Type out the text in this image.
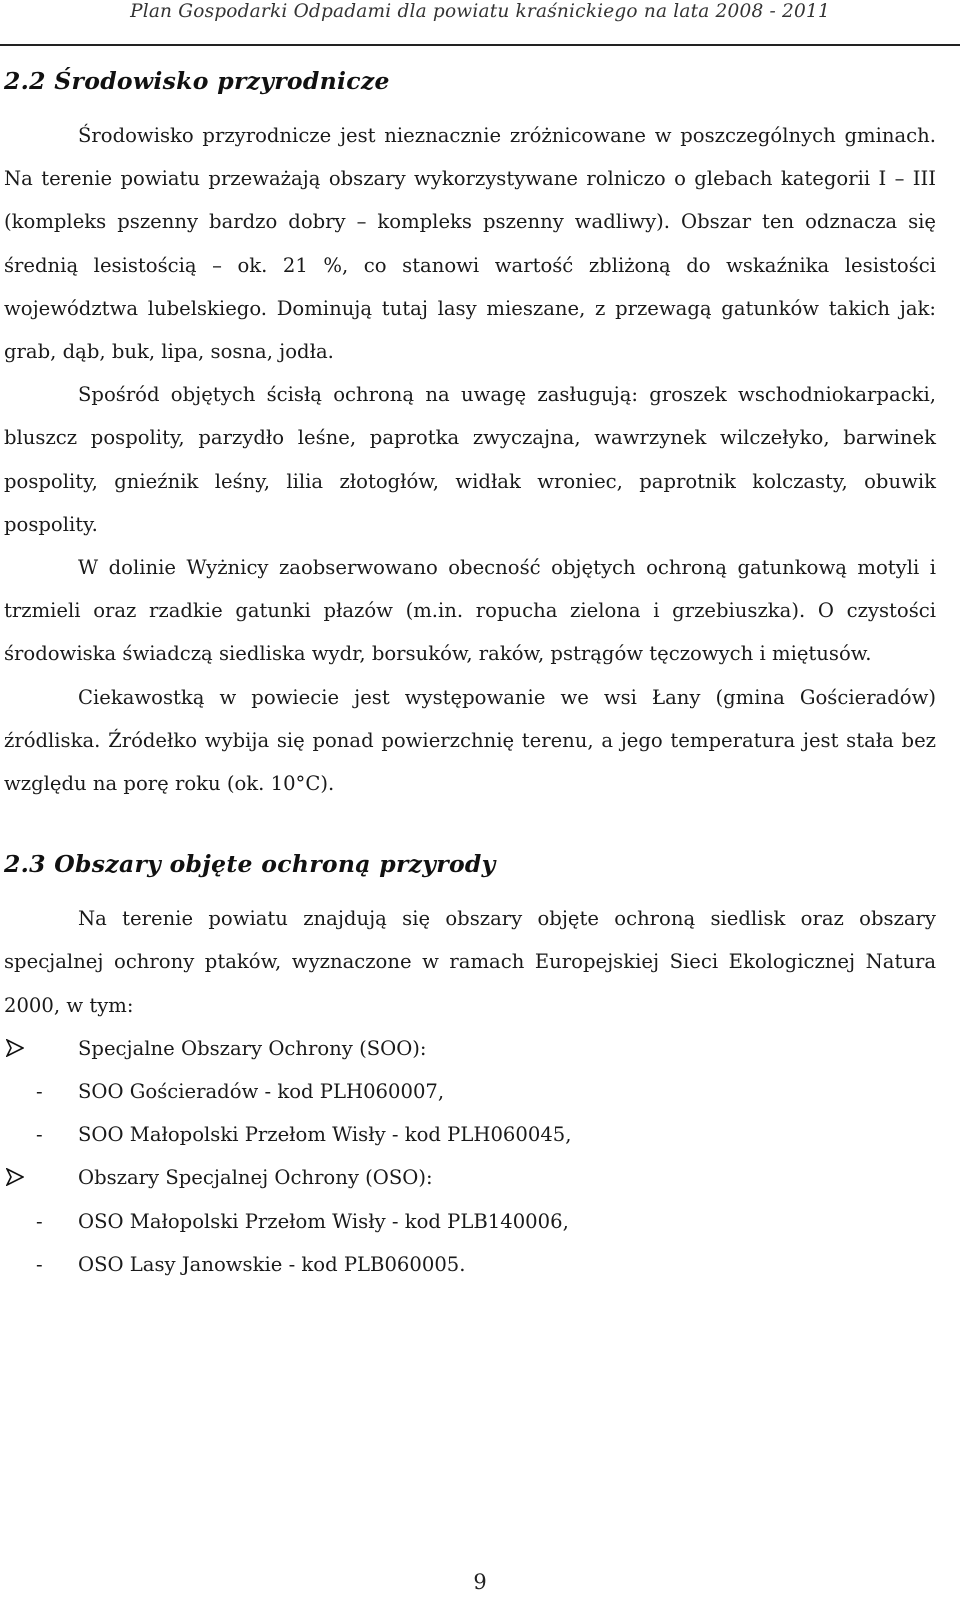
Plan Gospodarki Odpadami dla powiatu kraśnickiego na lata 2008 - 2011
2.2 Środowisko przyrodnicze

Środowisko przyrodnicze jest nieznacznie zróżnicowane w poszczególnych gminach. Na terenie powiatu przeważają obszary wykorzystywane rolniczo o glebach kategorii I – III (kompleks pszenny bardzo dobry – kompleks pszenny wadliwy). Obszar ten odznacza się średnią lesistością – ok. 21 %, co stanowi wartość zbliżoną do wskaźnika lesistości województwa lubelskiego. Dominują tutaj lasy mieszane, z przewagą gatunków takich jak: grab, dąb, buk, lipa, sosna, jodła.

Spośród objętych ścisłą ochroną na uwagę zasługują: groszek wschodniokarpacki, bluszcz pospolity, parzydło leśne, paprotka zwyczajna, wawrzynek wilczełyko, barwinek pospolity, gnieźnik leśny, lilia złotogłów, widłak wroniec, paprotnik kolczasty, obuwik pospolity.

W dolinie Wyżnicy zaobserwowano obecność objętych ochroną gatunkową motyli i trzmieli oraz rzadkie gatunki płazów (m.in. ropucha zielona i grzebiuszka). O czystości środowiska świadczą siedliska wydr, borsuków, raków, pstrągów tęczowych i miętusów.

Ciekawostką w powiecie jest występowanie we wsi Łany (gmina Gościeradów) źródliska. Źródełko wybija się ponad powierzchnię terenu, a jego temperatura jest stała bez względu na porę roku (ok. 10°C).

2.3 Obszary objęte ochroną przyrody

Na terenie powiatu znajdują się obszary objęte ochroną siedlisk oraz obszary specjalnej ochrony ptaków, wyznaczone w ramach Europejskiej Sieci Ekologicznej Natura 2000, w tym:

Specjalne Obszary Ochrony (SOO):
-	SOO Gościeradów - kod PLH060007,
-	SOO Małopolski Przełom Wisły - kod PLH060045,
Obszary Specjalnej Ochrony (OSO):
-	OSO Małopolski Przełom Wisły - kod PLB140006,
-	OSO Lasy Janowskie - kod PLB060005.
9
